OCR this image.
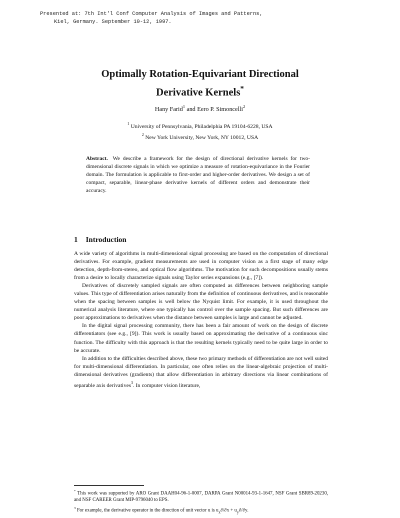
Presented at: 7th Int'l Conf Computer Analysis of Images and Patterns,
Kiel, Germany. September 10-12, 1997.
Optimally Rotation-Equivariant Directional
Derivative Kernels*
Hany Farid$^1$ and Eero P. Simoncelli$^2$
$^1$ University of Pennsylvania, Philadelphia PA 19104-6228, USA
$^2$ New York University, New York, NY 10012, USA
Abstract. We describe a framework for the design of directional derivative kernels for two-dimensional discrete signals in which we optimize a measure of rotation-equivariance in the Fourier domain. The formulation is applicable to first-order and higher-order derivatives. We design a set of compact, separable, linear-phase derivative kernels of different orders and demonstrate their accuracy.
1 Introduction

A wide variety of algorithms in multi-dimensional signal processing are based on the computation of directional derivatives. For example, gradient measurements are used in computer vision as a first stage of many edge detection, depth-from-stereo, and optical flow algorithms. The motivation for such decompositions usually stems from a desire to locally characterize signals using Taylor series expansions (e.g., [7]).

Derivatives of discretely sampled signals are often computed as differences between neighboring sample values. This type of differentiation arises naturally from the definition of continuous derivatives, and is reasonable when the spacing between samples is well below the Nyquist limit. For example, it is used throughout the numerical analysis literature, where one typically has control over the sample spacing. But such differences are poor approximations to derivatives when the distance between samples is large and cannot be adjusted.

In the digital signal processing community, there has been a fair amount of work on the design of discrete differentiators (see e.g., [9]). This work is usually based on approximating the derivative of a continuous sinc function. The difficulty with this approach is that the resulting kernels typically need to be quite large in order to be accurate.

In addition to the difficulties described above, these two primary methods of differentiation are not well suited for multi-dimensional differentiation. In particular, one often relies on the linear-algebraic projection of multi-dimensional derivatives (gradients) that allow differentiation in arbitrary directions via linear combinations of separable axis derivatives$^3$. In computer vision literature,

* This work was supported by ARO Grant DAAH04-96-1-0007, DARPA Grant N00014-93-1-1647, NSF Grant SBR89-20230, and NSF CAREER Grant MIP-9796040 to EPS.

$^3$ For example, the derivative operator in the direction of unit vector u is $u_x\partial/\partial x + u_y\partial/\partial y$.
